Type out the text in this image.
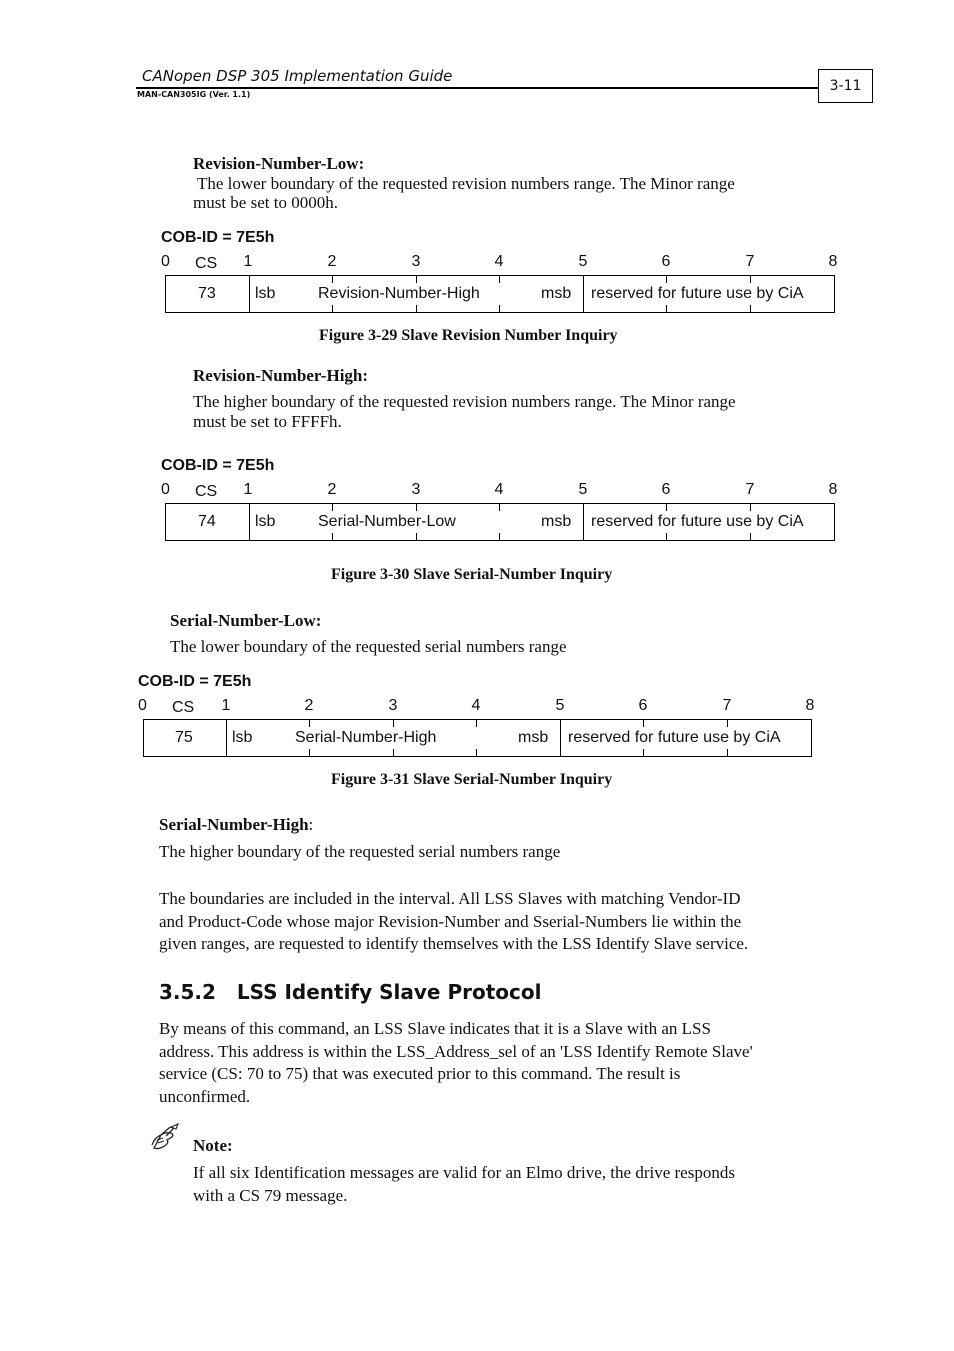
CANopen DSP 305 Implementation Guide
MAN-CAN305IG (Ver. 1.1)
3-11
Revision-Number-Low:
The lower boundary of the requested revision numbers range. The Minor range
must be set to 0000h.
COB-ID = 7E5h
0 CS 1	2	3	4	5	6	7	8
73 lsb	Revision-Number-High	msb reserved for future use by CiA
Figure 3-29 Slave Revision Number Inquiry
Revision-Number-High:
The higher boundary of the requested revision numbers range. The Minor range
must be set to FFFFh.
COB-ID = 7E5h
0 CS 1	2	3	4	5	6	7	8
74 lsb	Serial-Number-Low	msb reserved for future use by CiA
Figure 3-30 Slave Serial-Number Inquiry
Serial-Number-Low:
The lower boundary of the requested serial numbers range
COB-ID = 7E5h
0 CS 1	2	3	4	5	6	7	8
75 lsb	Serial-Number-High	msb reserved for future use by CiA
Figure 3-31 Slave Serial-Number Inquiry
Serial-Number-High:
The higher boundary of the requested serial numbers range
The boundaries are included in the interval. All LSS Slaves with matching Vendor-ID
and Product-Code whose major Revision-Number and Sserial-Numbers lie within the
given ranges, are requested to identify themselves with the LSS Identify Slave service.
3.5.2   LSS Identify Slave Protocol
By means of this command, an LSS Slave indicates that it is a Slave with an LSS
address. This address is within the LSS_Address_sel of an 'LSS Identify Remote Slave'
service (CS: 70 to 75) that was executed prior to this command. The result is
unconfirmed.
Note:
If all six Identification messages are valid for an Elmo drive, the drive responds
with a CS 79 message.
